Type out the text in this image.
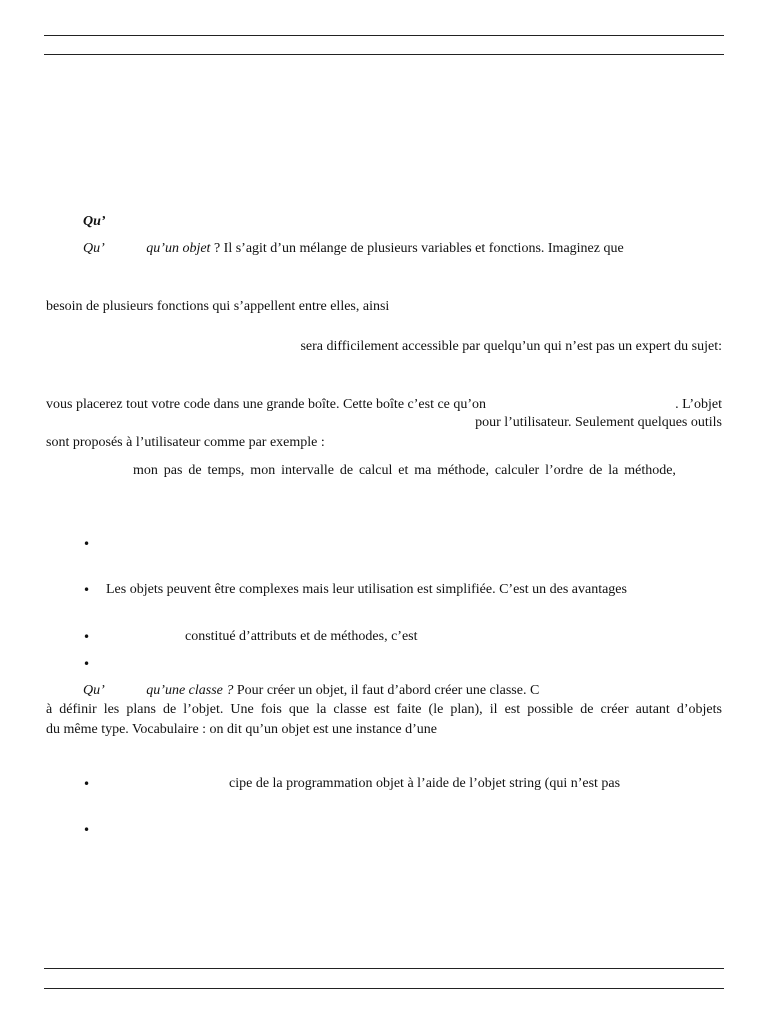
Qu’
Qu’	qu’un objet ? Il s’agit d’un mélange de plusieurs variables et fonctions. Imaginez que
besoin de plusieurs fonctions qui s’appellent entre elles, ainsi
sera difficilement accessible par quelqu’un qui n’est pas un expert du sujet:
vous placerez tout votre code dans une grande boîte. Cette boîte c’est ce qu’on	. L’objet
pour l’utilisateur. Seulement quelques outils
sont proposés à l’utilisateur comme par exemple :
mon pas de temps, mon intervalle de calcul et ma méthode, calculer l’ordre de la méthode,
•
• Les objets peuvent être complexes mais leur utilisation est simplifiée. C’est un des avantages
•	constitué d’attributs et de méthodes, c’est
•
Qu’	qu’une classe ? Pour créer un objet, il faut d’abord créer une classe. C
à définir les plans de l’objet. Une fois que la classe est faite (le plan), il est possible de créer autant d’objets
du même type. Vocabulaire : on dit qu’un objet est une instance d’une
•	cipe de la programmation objet à l’aide de l’objet string (qui n’est pas
•
